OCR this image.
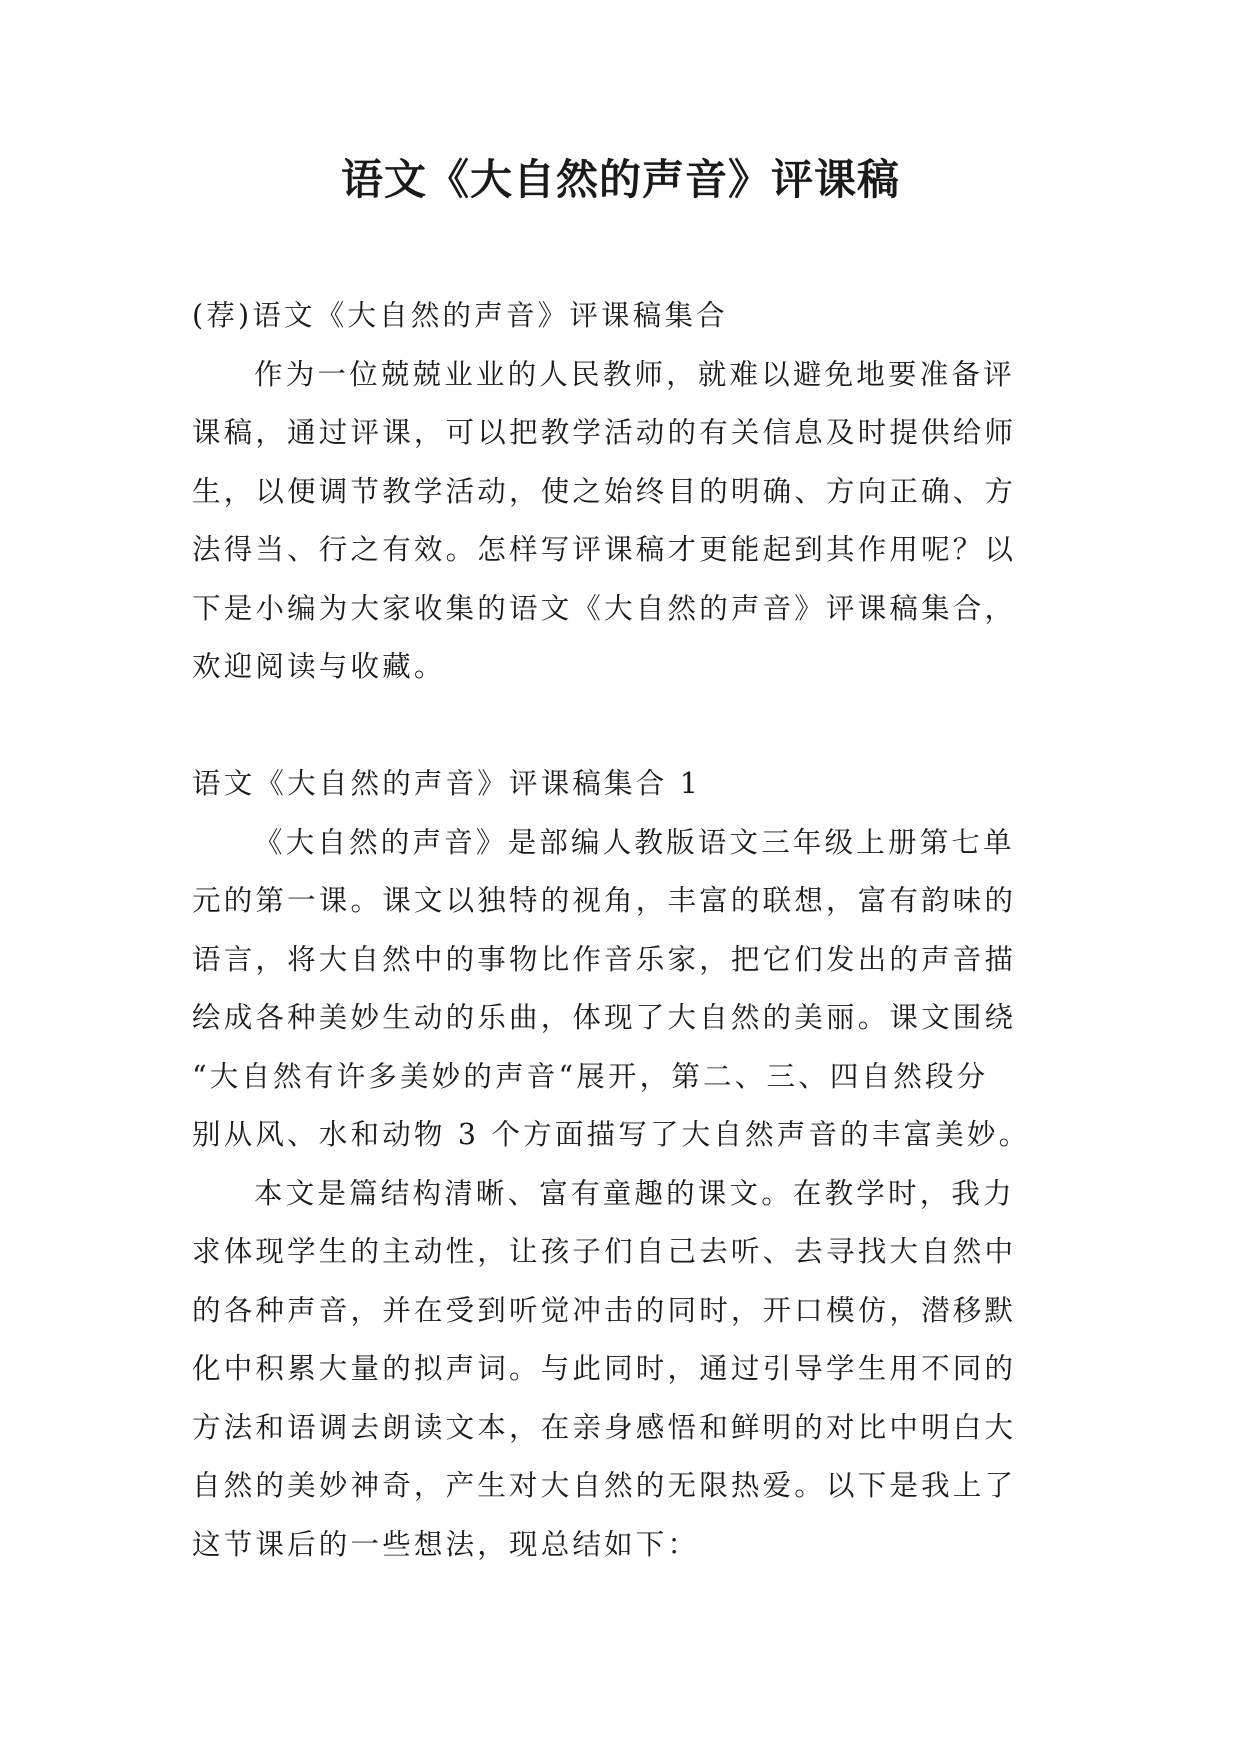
语文《大自然的声音》评课稿

(荐)语文《大自然的声音》评课稿集合

作为一位兢兢业业的人民教师，就难以避免地要准备评

课稿，通过评课，可以把教学活动的有关信息及时提供给师

生，以便调节教学活动，使之始终目的明确、方向正确、方

法得当、行之有效。怎样写评课稿才更能起到其作用呢？以

下是小编为大家收集的语文《大自然的声音》评课稿集合，

欢迎阅读与收藏。

语文《大自然的声音》评课稿集合 1

《大自然的声音》是部编人教版语文三年级上册第七单

元的第一课。课文以独特的视角，丰富的联想，富有韵味的

语言，将大自然中的事物比作音乐家，把它们发出的声音描

绘成各种美妙生动的乐曲，体现了大自然的美丽。课文围绕

“大自然有许多美妙的声音“展开，第二、三、四自然段分

别从风、水和动物 3 个方面描写了大自然声音的丰富美妙。

本文是篇结构清晰、富有童趣的课文。在教学时，我力

求体现学生的主动性，让孩子们自己去听、去寻找大自然中

的各种声音，并在受到听觉冲击的同时，开口模仿，潜移默

化中积累大量的拟声词。与此同时，通过引导学生用不同的

方法和语调去朗读文本，在亲身感悟和鲜明的对比中明白大

自然的美妙神奇，产生对大自然的无限热爱。以下是我上了

这节课后的一些想法，现总结如下：
